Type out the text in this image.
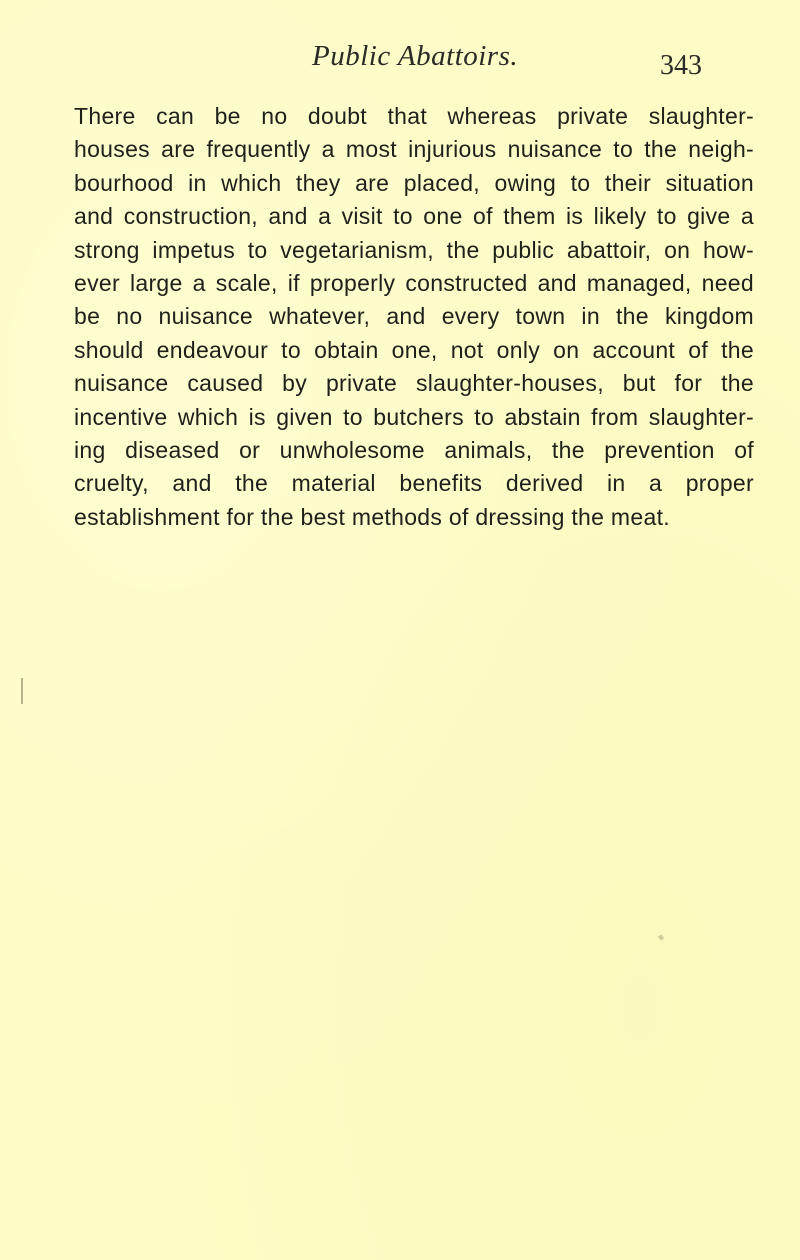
Public Abattoirs.	343
There can be no doubt that whereas private slaughter-
houses are frequently a most injurious nuisance to the neigh-
bourhood in which they are placed, owing to their situation
and construction, and a visit to one of them is likely to give a
strong impetus to vegetarianism, the public abattoir, on how-
ever large a scale, if properly constructed and managed, need
be no nuisance whatever, and every town in the kingdom
should endeavour to obtain one, not only on account of the
nuisance caused by private slaughter-houses, but for the
incentive which is given to butchers to abstain from slaughter-
ing diseased or unwholesome animals, the prevention of
cruelty, and the material benefits derived in a proper
establishment for the best methods of dressing the meat.
